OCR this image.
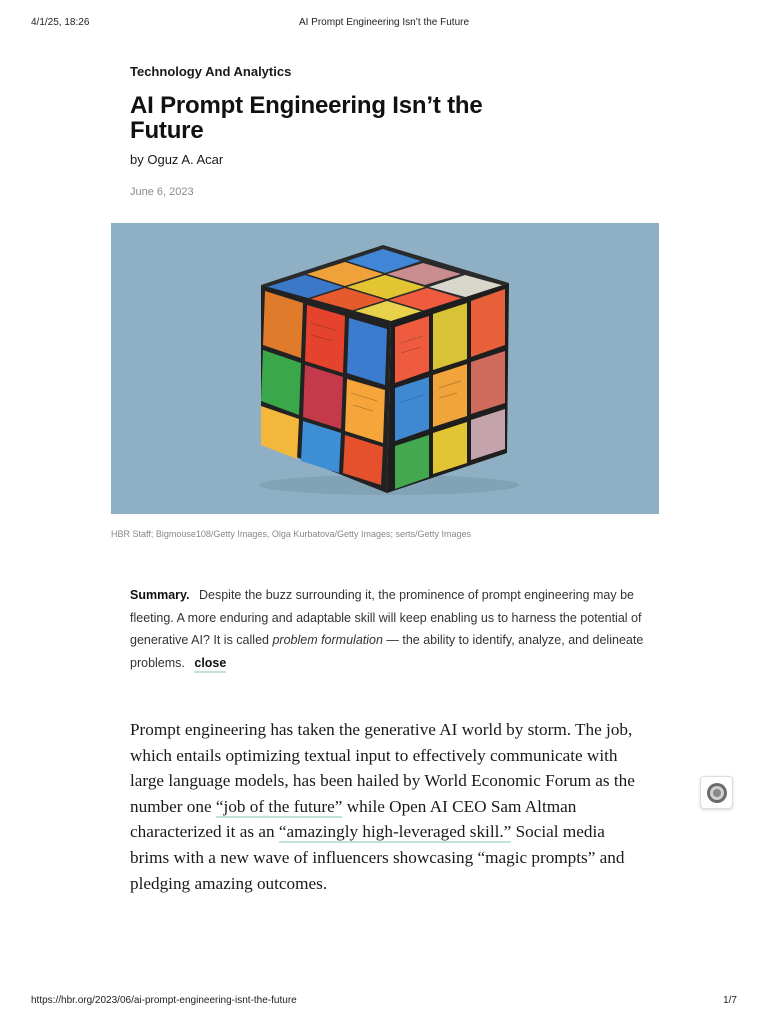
4/1/25, 18:26	AI Prompt Engineering Isn’t the Future
Technology And Analytics
AI Prompt Engineering Isn’t the Future
by Oguz A. Acar
June 6, 2023
HBR Staff; Bigmouse108/Getty Images, Olga Kurbatova/Getty Images; serts/Getty Images

Summary. Despite the buzz surrounding it, the prominence of prompt engineering may be fleeting. A more enduring and adaptable skill will keep enabling us to harness the potential of generative AI? It is called problem formulation — the ability to identify, analyze, and delineate problems. close

Prompt engineering has taken the generative AI world by storm. The job, which entails optimizing textual input to effectively communicate with large language models, has been hailed by World Economic Forum as the number one “job of the future” while Open AI CEO Sam Altman characterized it as an “amazingly high-leveraged skill.” Social media brims with a new wave of influencers showcasing “magic prompts” and pledging amazing outcomes.

https://hbr.org/2023/06/ai-prompt-engineering-isnt-the-future	1/7
